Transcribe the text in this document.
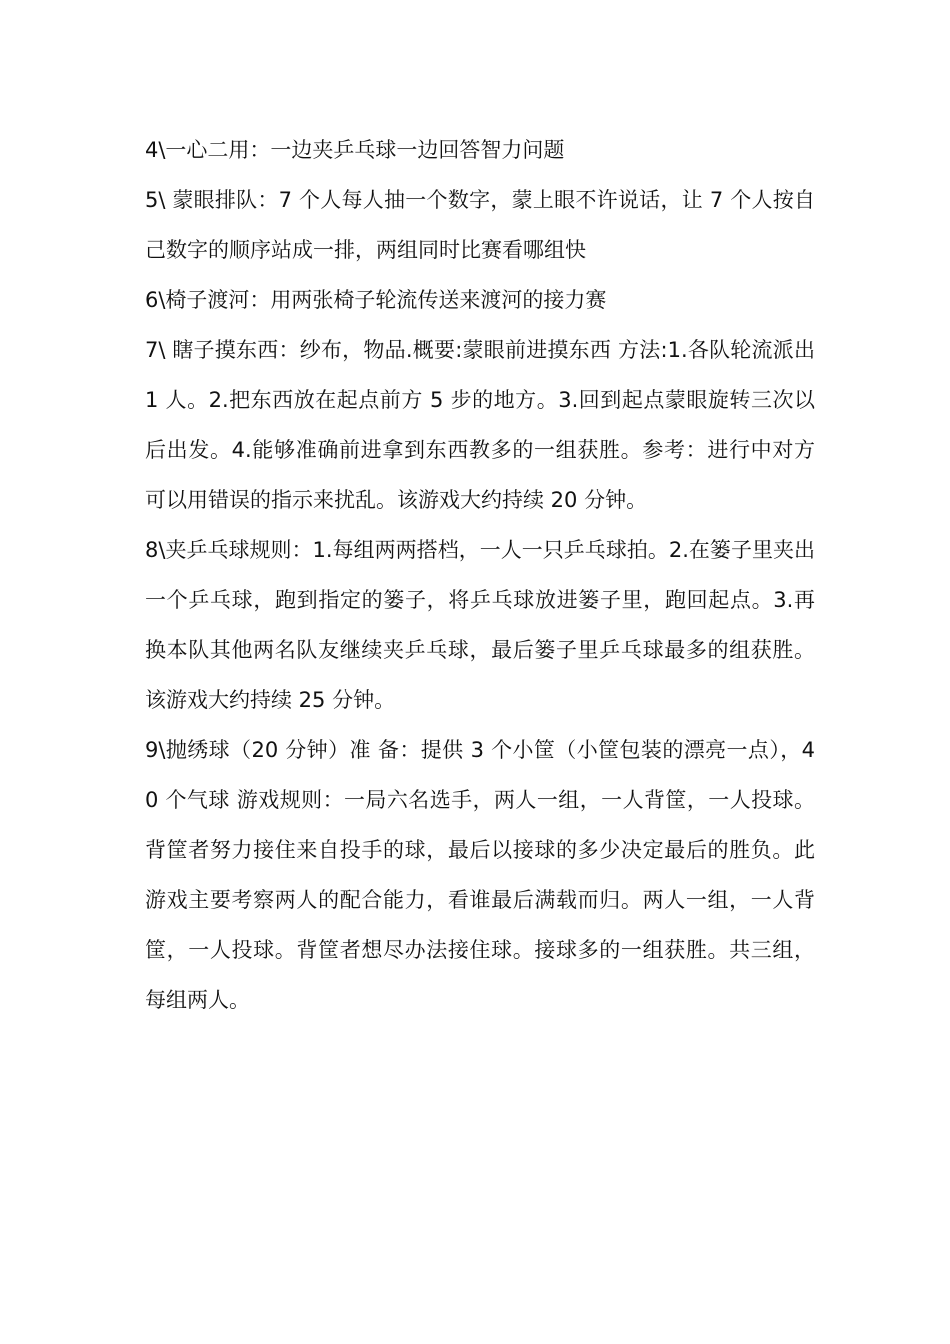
4\一心二用：一边夹乒乓球一边回答智力问题

5\ 蒙眼排队：7 个人每人抽一个数字，蒙上眼不许说话，让 7 个人按自己数字的顺序站成一排，两组同时比赛看哪组快

6\椅子渡河：用两张椅子轮流传送来渡河的接力赛

7\ 瞎子摸东西：纱布，物品.概要:蒙眼前进摸东西 方法:1.各队轮流派出 1 人。2.把东西放在起点前方 5 步的地方。3.回到起点蒙眼旋转三次以后出发。4.能够准确前进拿到东西教多的一组获胜。参考：进行中对方可以用错误的指示来扰乱。该游戏大约持续 20 分钟。

8\夹乒乓球规则：1.每组两两搭档，一人一只乒乓球拍。2.在篓子里夹出一个乒乓球，跑到指定的篓子，将乒乓球放进篓子里，跑回起点。3.再换本队其他两名队友继续夹乒乓球，最后篓子里乒乓球最多的组获胜。该游戏大约持续 25 分钟。

9\抛绣球（20 分钟）准 备：提供 3 个小筐（小筐包装的漂亮一点），40 个气球 游戏规则：一局六名选手，两人一组，一人背筐，一人投球。背筐者努力接住来自投手的球，最后以接球的多少决定最后的胜负。此游戏主要考察两人的配合能力，看谁最后满载而归。两人一组，一人背筐，一人投球。背筐者想尽办法接住球。接球多的一组获胜。共三组，每组两人。
